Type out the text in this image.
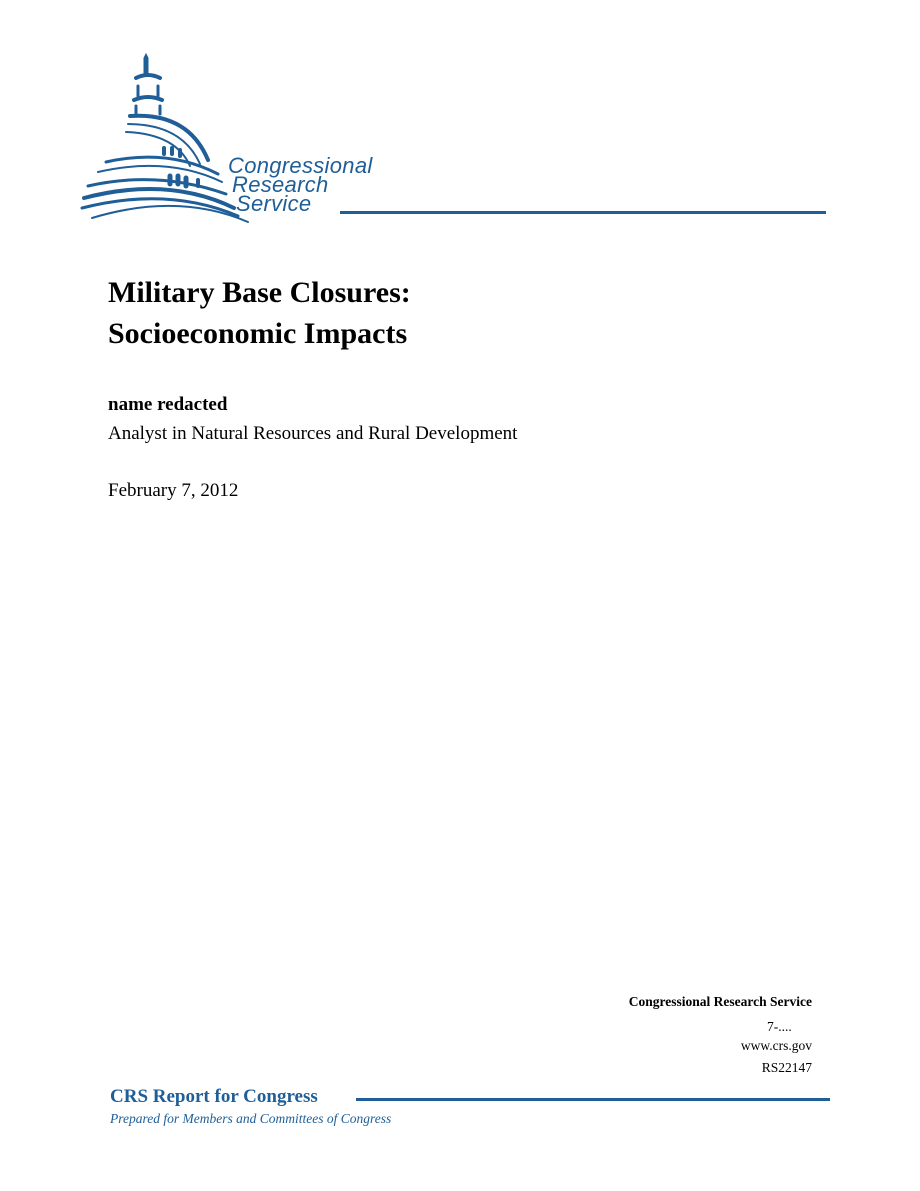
Congressional
Research
Service
Military Base Closures:
Socioeconomic Impacts
name redacted
Analyst in Natural Resources and Rural Development
February 7, 2012
Congressional Research Service

www.crs.gov
RS22147
7-....
CRS Report for Congress
Prepared for Members and Committees of Congress
